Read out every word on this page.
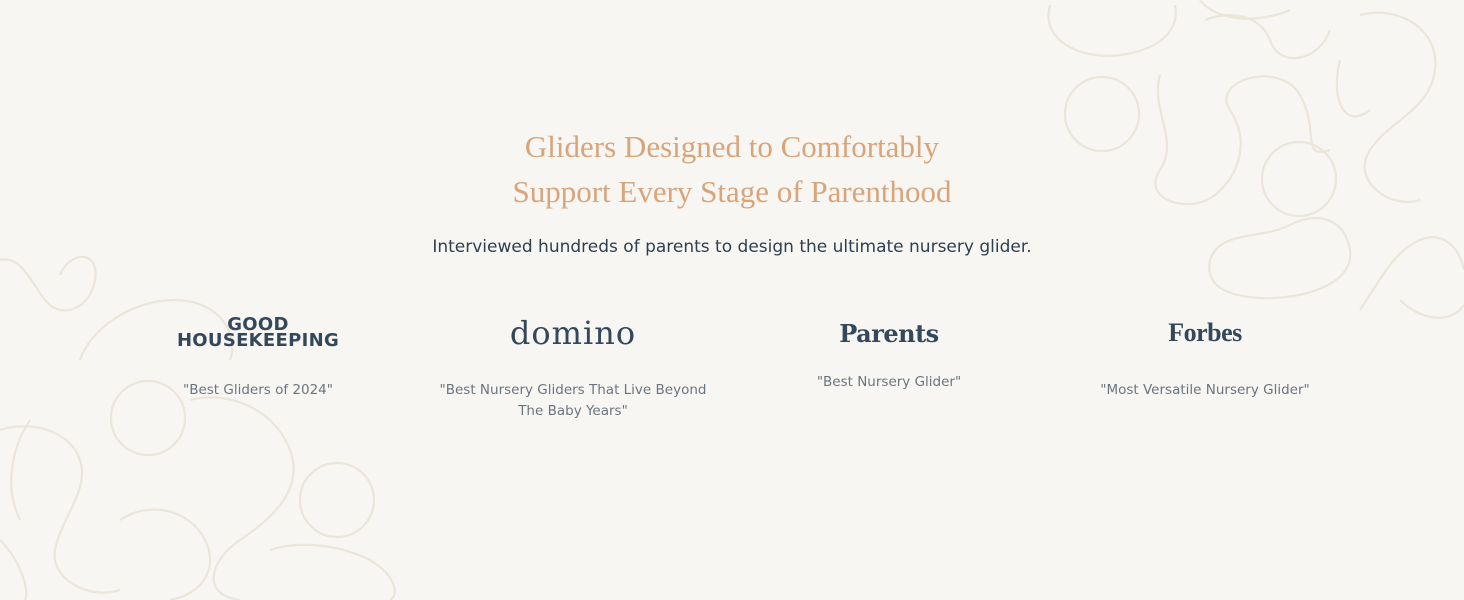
Gliders Designed to Comfortably
Support Every Stage of Parenthood

Interviewed hundreds of parents to design the ultimate nursery glider.

GOOD
HOUSEKEEPING
"Best Gliders of 2024"
domino
"Best Nursery Gliders That Live Beyond
The Baby Years"
Parents
"Best Nursery Glider"
Forbes
"Most Versatile Nursery Glider"
